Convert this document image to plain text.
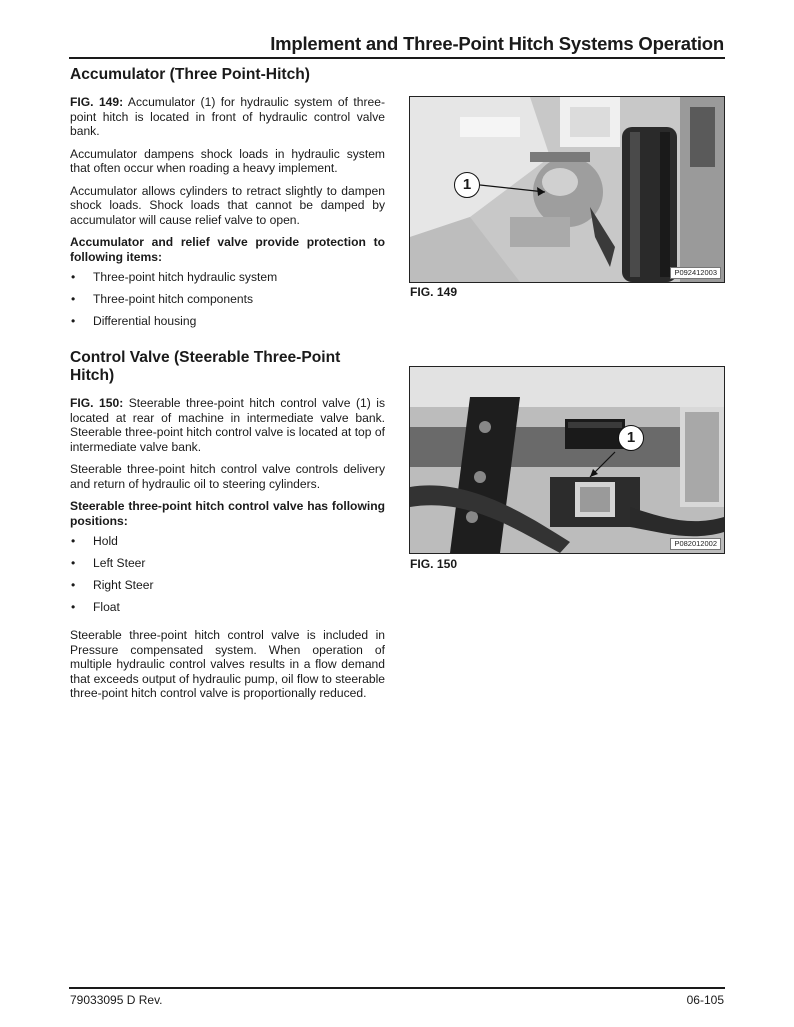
Implement and Three-Point Hitch Systems Operation
Accumulator (Three Point-Hitch)

FIG. 149: Accumulator (1) for hydraulic system of three-point hitch is located in front of hydraulic control valve bank.

Accumulator dampens shock loads in hydraulic system that often occur when roading a heavy implement.

Accumulator allows cylinders to retract slightly to dampen shock loads. Shock loads that cannot be damped by accumulator will cause relief valve to open.

Accumulator and relief valve provide protection to following items:

• Three-point hitch hydraulic system
• Three-point hitch components
• Differential housing
Control Valve (Steerable Three-Point Hitch)

FIG. 150: Steerable three-point hitch control valve (1) is located at rear of machine in intermediate valve bank. Steerable three-point hitch control valve is located at top of intermediate valve bank.

Steerable three-point hitch control valve controls delivery and return of hydraulic oil to steering cylinders.

Steerable three-point hitch control valve has following positions:

• Hold
• Left Steer
• Right Steer
• Float

Steerable three-point hitch control valve is included in Pressure compensated system. When operation of multiple hydraulic control valves results in a flow demand that exceeds output of hydraulic pump, oil flow to steerable three-point hitch control valve is proportionally reduced.

1
P092412003
FIG. 149
1
P082012002
FIG. 150
79033095 D Rev.	06-105
